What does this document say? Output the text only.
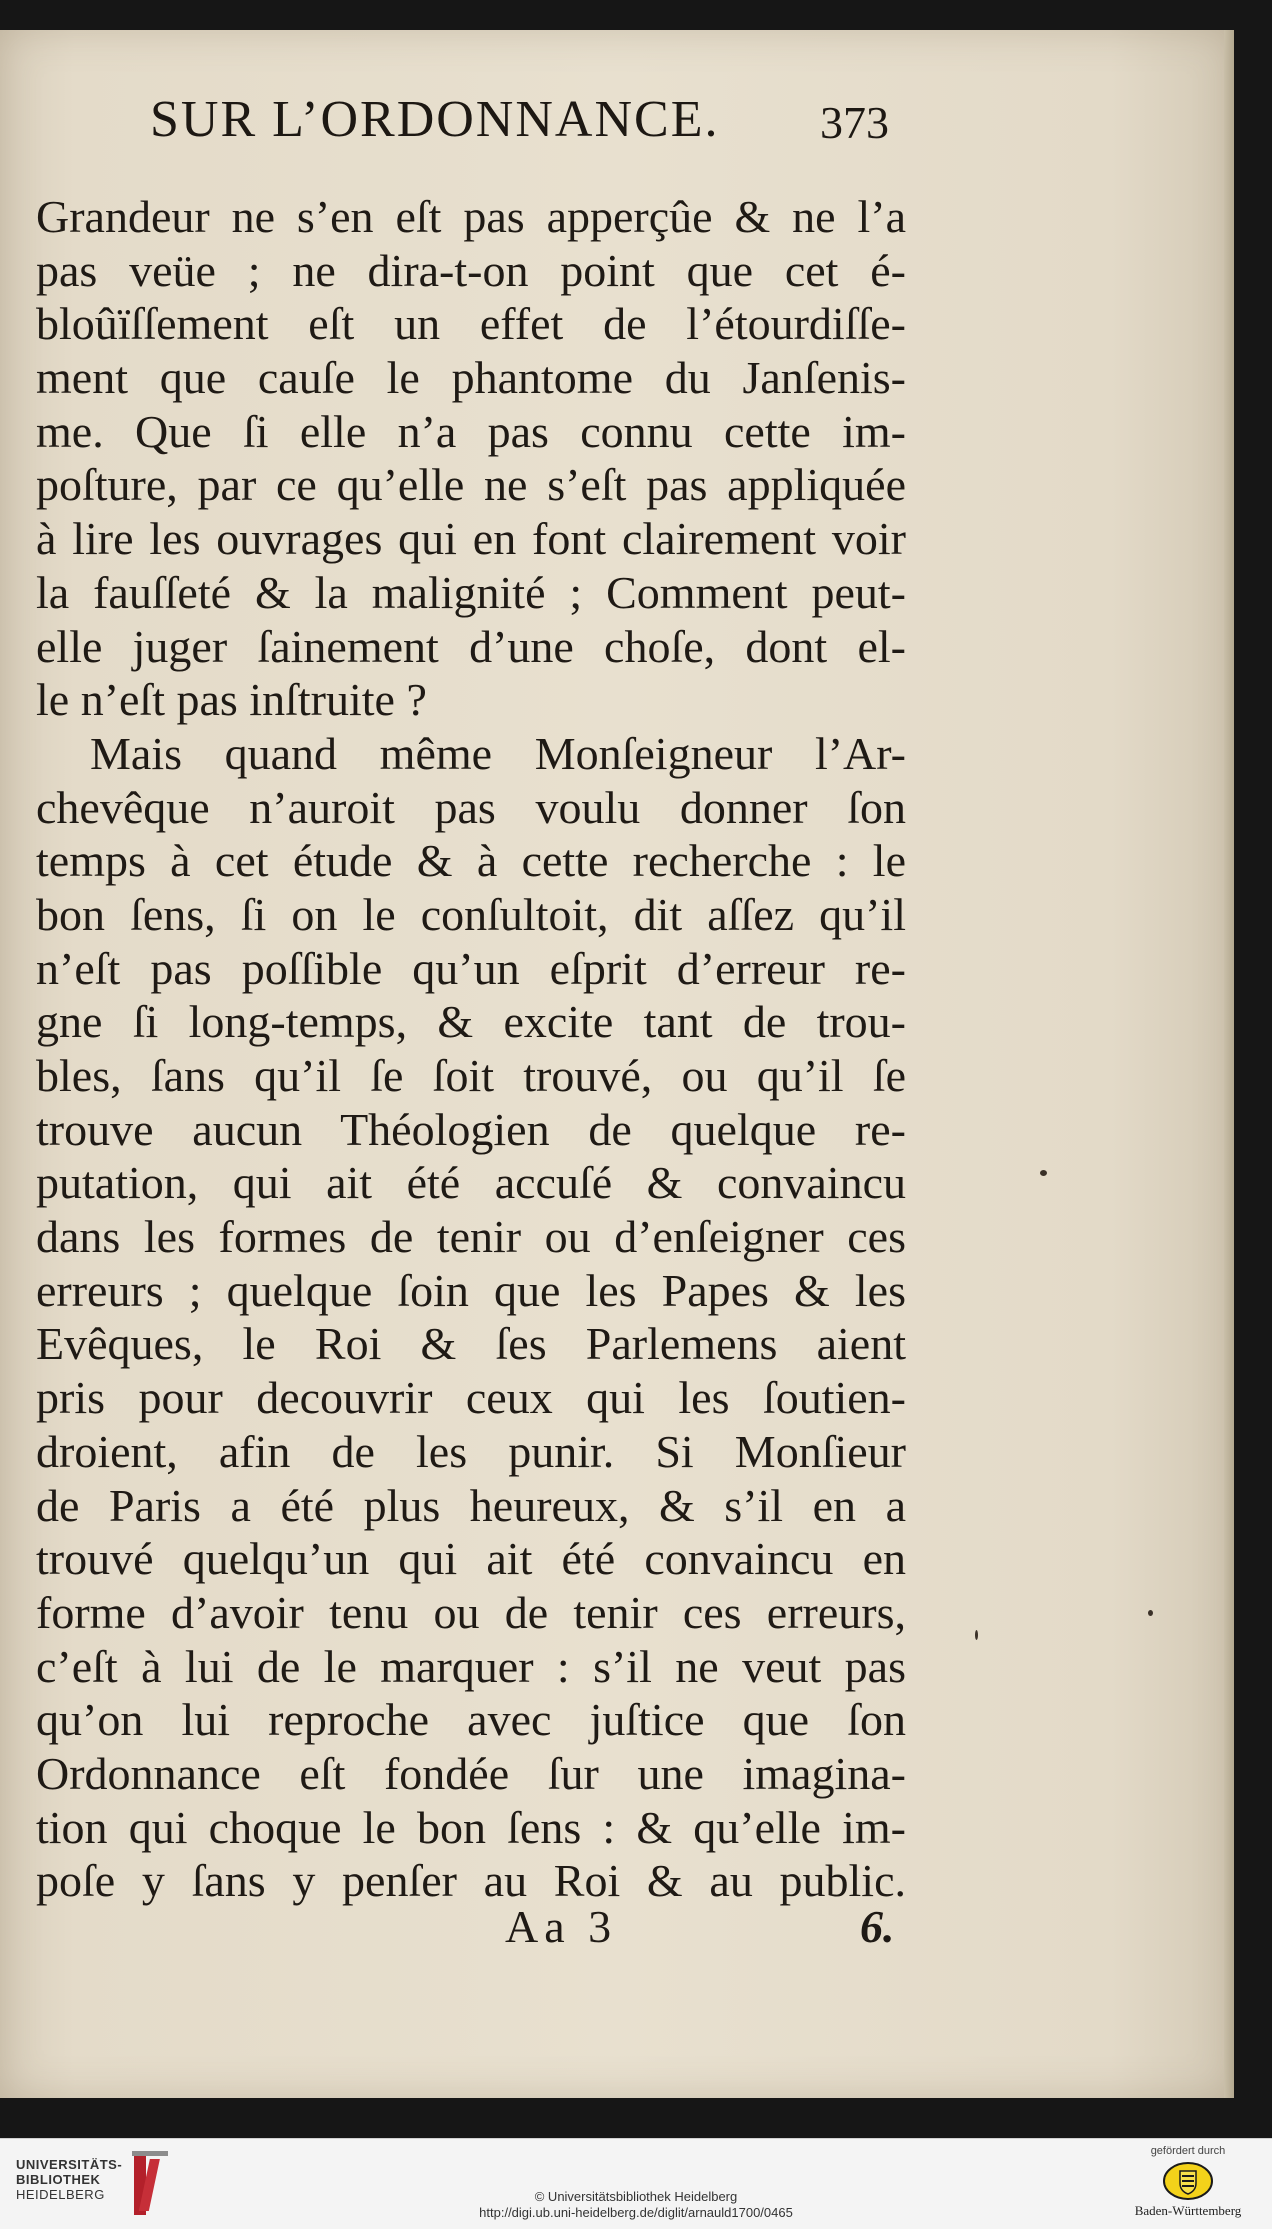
SUR L’ORDONNANCE. 373
Grandeur ne s’en eſt pas apperçûe & ne l’a
pas veüe ; ne dira-t-on point que cet é-
bloûïſſement eſt un effet de l’étourdiſſe-
ment que cauſe le phantome du Janſenis-
me. Que ſi elle n’a pas connu cette im-
poſture, par ce qu’elle ne s’eſt pas appliquée
à lire les ouvrages qui en font clairement voir
la fauſſeté & la malignité ; Comment peut-
elle juger ſainement d’une choſe, dont el-
le n’eſt pas inſtruite ?
Mais quand même Monſeigneur l’Ar-
chevêque n’auroit pas voulu donner ſon
temps à cet étude & à cette recherche : le
bon ſens, ſi on le conſultoit, dit aſſez qu’il
n’eſt pas poſſible qu’un eſprit d’erreur re-
gne ſi long-temps, & excite tant de trou-
bles, ſans qu’il ſe ſoit trouvé, ou qu’il ſe
trouve aucun Théologien de quelque re-
putation, qui ait été accuſé & convaincu
dans les formes de tenir ou d’enſeigner ces
erreurs ; quelque ſoin que les Papes & les
Evêques, le Roi & ſes Parlemens aient
pris pour decouvrir ceux qui les ſoutien-
droient, afin de les punir. Si Monſieur
de Paris a été plus heureux, & s’il en a
trouvé quelqu’un qui ait été convaincu en
forme d’avoir tenu ou de tenir ces erreurs,
c’eſt à lui de le marquer : s’il ne veut pas
qu’on lui reproche avec juſtice que ſon
Ordonnance eſt fondée ſur une imagina-
tion qui choque le bon ſens : & qu’elle im-
poſe y ſans y penſer au Roi & au public.
Aa 3	6.
UNIVERSITÄTS-
BIBLIOTHEK
HEIDELBERG	© Universitätsbibliothek Heidelberg
http://digi.ub.uni-heidelberg.de/diglit/arnauld1700/0465
gefördert durch
Baden-Württemberg
